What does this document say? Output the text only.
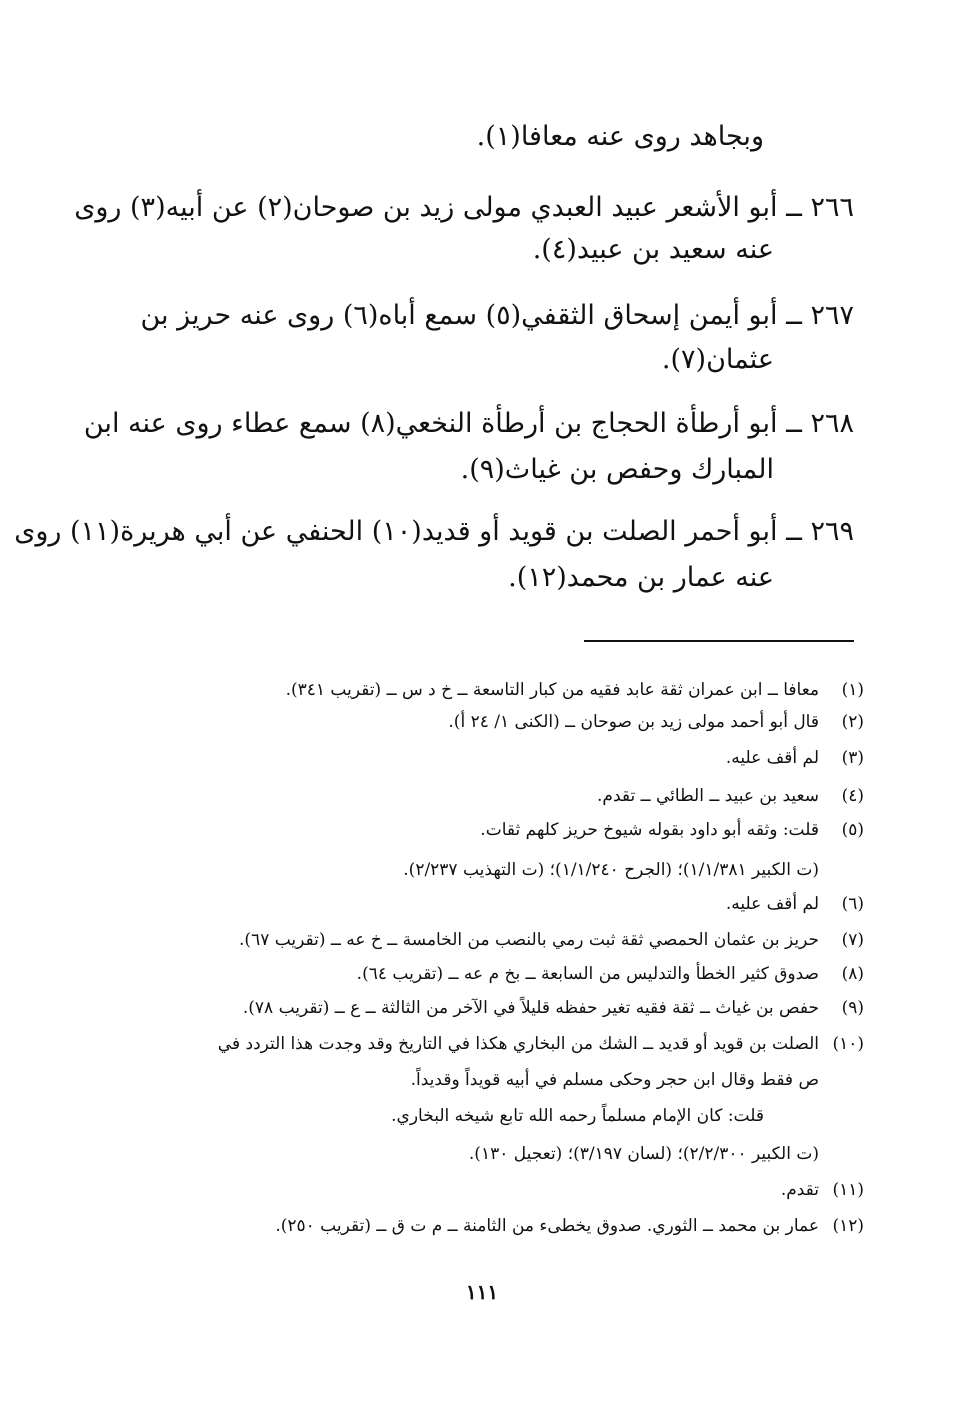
وبجاهد روى عنه معافا(١).
٢٦٦ ــ أبو الأشعر عبيد العبدي مولى زيد بن صوحان(٢) عن أبيه(٣) روى
عنه سعيد بن عبيد(٤).
٢٦٧ ــ أبو أيمن إسحاق الثقفي(٥) سمع أباه(٦) روى عنه حريز بن
عثمان(٧).
٢٦٨ ــ أبو أرطأة الحجاج بن أرطأة النخعي(٨) سمع عطاء روى عنه ابن
المبارك وحفص بن غياث(٩).
٢٦٩ ــ أبو أحمر الصلت بن قويد أو قديد(١٠) الحنفي عن أبي هريرة(١١) روى
عنه عمار بن محمد(١٢).
(١)معافا ــ ابن عمران ثقة عابد فقيه من كبار التاسعة ــ خ د س ــ (تقريب ٣٤١).
(٢)قال أبو أحمد مولى زيد بن صوحان ــ (الكنى ١/ ٢٤ أ).
(٣)لم أقف عليه.
(٤)سعيد بن عبيد ــ الطائي ــ تقدم.
(٥)قلت: وثقه أبو داود بقوله شيوخ حريز كلهم ثقات.
(ت الكبير ١/١/٣٨١)؛ (الجرح ١/١/٢٤٠)؛ (ت التهذيب ٢/٢٣٧).
(٦)لم أقف عليه.
(٧)حريز بن عثمان الحمصي ثقة ثبت رمي بالنصب من الخامسة ــ خ عه ــ (تقريب ٦٧).
(٨)صدوق كثير الخطأ والتدليس من السابعة ــ بخ م عه ــ (تقريب ٦٤).
(٩)حفص بن غياث ــ ثقة فقيه تغير حفظه قليلاً في الآخر من الثالثة ــ ع ــ (تقريب ٧٨).
(١٠)الصلت بن قويد أو قديد ــ الشك من البخاري هكذا في التاريخ وقد وجدت هذا التردد في
ص فقط وقال ابن حجر وحكى مسلم في أبيه قويداً وقديداً.
قلت: كان الإمام مسلماً رحمه الله تابع شيخه البخاري.
(ت الكبير ٢/٢/٣٠٠)؛ (لسان ٣/١٩٧)؛ (تعجيل ١٣٠).
(١١)تقدم.
(١٢)عمار بن محمد ــ الثوري. صدوق يخطىء من الثامنة ــ م ت ق ــ (تقريب ٢٥٠).
١١١
